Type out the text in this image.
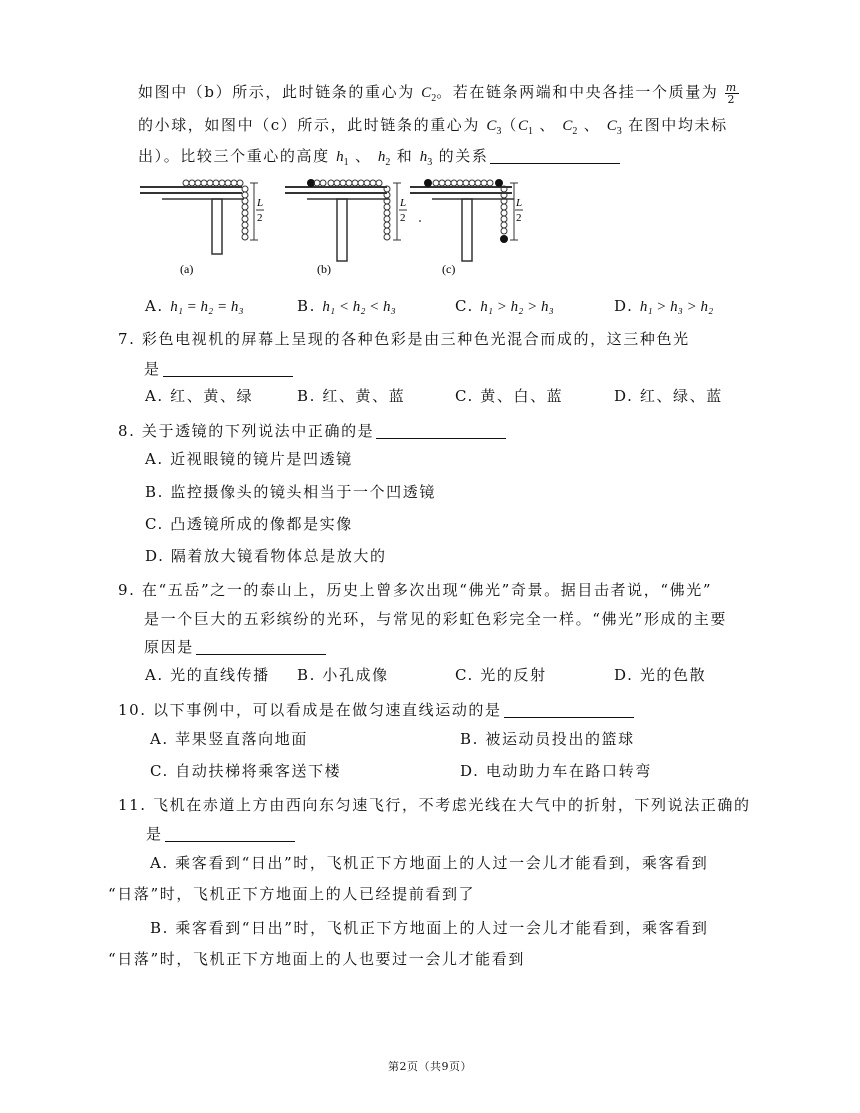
如图中（b）所示，此时链条的重心为 $C_2$。若在链条两端和中央各挂一个质量为 $\frac{m}{2}$
的小球，如图中（c）所示，此时链条的重心为 $C_3(C_1$ 、 $C_2$ 、 $C_3$ 在图中均未标
出）。比较三个重心的高度 $h_1$ 、 $h_2$ 和 $h_3$ 的关系
L
2
(a)
L
2
(b)
L
2
(c)
A. h₁ = h₂ = h₃	B. h₁ < h₂ < h₃	C. h₁ > h₂ > h₃	D. h₁ > h₃ > h₂
7. 彩色电视机的屏幕上呈现的各种色彩是由三种色光混合而成的，这三种色光
是
A. 红、黄、绿	B. 红、黄、蓝	C. 黄、白、蓝	D. 红、绿、蓝
8. 关于透镜的下列说法中正确的是
A. 近视眼镜的镜片是凹透镜
B. 监控摄像头的镜头相当于一个凹透镜
C. 凸透镜所成的像都是实像
D. 隔着放大镜看物体总是放大的
9. 在“五岳”之一的泰山上，历史上曾多次出现“佛光”奇景。据目击者说，“佛光”
是一个巨大的五彩缤纷的光环，与常见的彩虹色彩完全一样。“佛光”形成的主要
原因是
A. 光的直线传播 B. 小孔成像	C. 光的反射	D. 光的色散
10. 以下事例中，可以看成是在做匀速直线运动的是
A. 苹果竖直落向地面	B. 被运动员投出的篮球
C. 自动扶梯将乘客送下楼	D. 电动助力车在路口转弯
11. 飞机在赤道上方由西向东匀速飞行，不考虑光线在大气中的折射，下列说法正确的
是
A. 乘客看到“日出”时，飞机正下方地面上的人过一会儿才能看到，乘客看到
“日落”时，飞机正下方地面上的人已经提前看到了
B. 乘客看到“日出”时，飞机正下方地面上的人过一会儿才能看到，乘客看到
“日落”时，飞机正下方地面上的人也要过一会儿才能看到
第2页（共9页）
